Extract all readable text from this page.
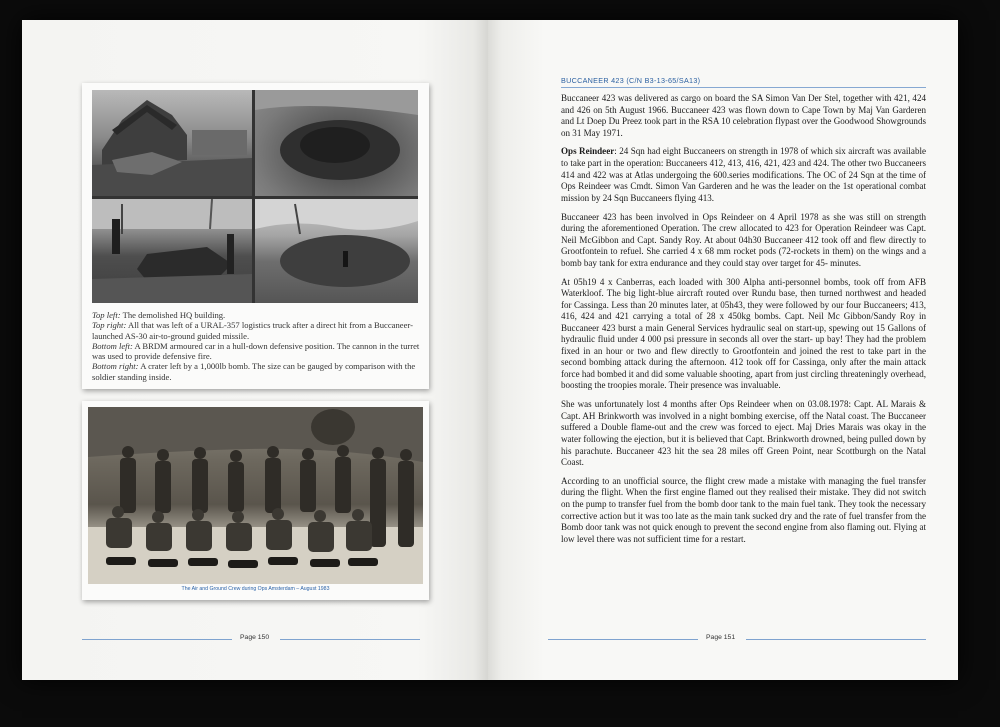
Top left: The demolished HQ building.
Top right: All that was left of a URAL-357 logistics truck after a direct hit from a Buccaneer-launched AS-30 air-to-ground guided missile.
Bottom left: A BRDM armoured car in a hull-down defensive position. The cannon in the turret was used to provide defensive fire.
Bottom right: A crater left by a 1,000lb bomb. The size can be gauged by comparison with the soldier standing inside.
The Air and Ground Crew during Ops Amsterdam – August 1983
Page 150
BUCCANEER 423 (C/N B3-13-65/SA13)

Buccaneer 423 was delivered as cargo on board the SA Simon Van Der Stel, together with 421, 424 and 426 on 5th August 1966. Buccaneer 423 was flown down to Cape Town by Maj Van Garderen and Lt Doep Du Preez took part in the RSA 10 celebration flypast over the Goodwood Showgrounds on 31 May 1971.

Ops Reindeer: 24 Sqn had eight Buccaneers on strength in 1978 of which six aircraft was available to take part in the operation: Buccaneers 412, 413, 416, 421, 423 and 424. The other two Buccaneers 414 and 422 was at Atlas undergoing the 600.series modifications. The OC of 24 Sqn at the time of Ops Reindeer was Cmdt. Simon Van Garderen and he was the leader on the 1st operational combat mission by 24 Sqn Buccaneers flying 413.

Buccaneer 423 has been involved in Ops Reindeer on 4 April 1978 as she was still on strength during the aforementioned Operation. The crew allocated to 423 for Operation Reindeer was Capt. Neil McGibbon and Capt. Sandy Roy. At about 04h30 Buccaneer 412 took off and flew directly to Grootfontein to refuel. She carried 4 x 68 mm rocket pods (72-rockets in them) on the wings and a bomb bay tank for extra endurance and they could stay over target for 45- minutes.

At 05h19 4 x Canberras, each loaded with 300 Alpha anti-personnel bombs, took off from AFB Waterkloof. The big light-blue aircraft routed over Rundu base, then turned northwest and headed for Cassinga. Less than 20 minutes later, at 05h43, they were followed by our four Buccaneers; 413, 416, 424 and 421 carrying a total of 28 x 450kg bombs. Capt. Neil Mc Gibbon/Sandy Roy in Buccaneer 423 burst a main General Services hydraulic seal on start-up, spewing out 15 Gallons of hydraulic fluid under 4 000 psi pressure in seconds all over the start- up bay! They had the problem fixed in an hour or two and flew directly to Grootfontein and joined the rest to take part in the second bombing attack during the afternoon. 412 took off for Cassinga, only after the main attack force had bombed it and did some valuable shooting, apart from just circling threateningly overhead, boosting the troopies morale. Their presence was invaluable.

She was unfortunately lost 4 months after Ops Reindeer when on 03.08.1978: Capt. AL Marais & Capt. AH Brinkworth was involved in a night bombing exercise, off the Natal coast. The Buccaneer suffered a Double flame-out and the crew was forced to eject. Maj Dries Marais was okay in the water following the ejection, but it is believed that Capt. Brinkworth drowned, being pulled down by his parachute. Buccaneer 423 hit the sea 28 miles off Green Point, near Scottburgh on the Natal Coast.

According to an unofficial source, the flight crew made a mistake with managing the fuel transfer during the flight. When the first engine flamed out they realised their mistake. They did not switch on the pump to transfer fuel from the bomb door tank to the main fuel tank. They took the necessary corrective action but it was too late as the main tank sucked dry and the rate of fuel transfer from the Bomb door tank was not quick enough to prevent the second engine from also flaming out. Flying at low level there was not sufficient time for a restart.

Page 151
